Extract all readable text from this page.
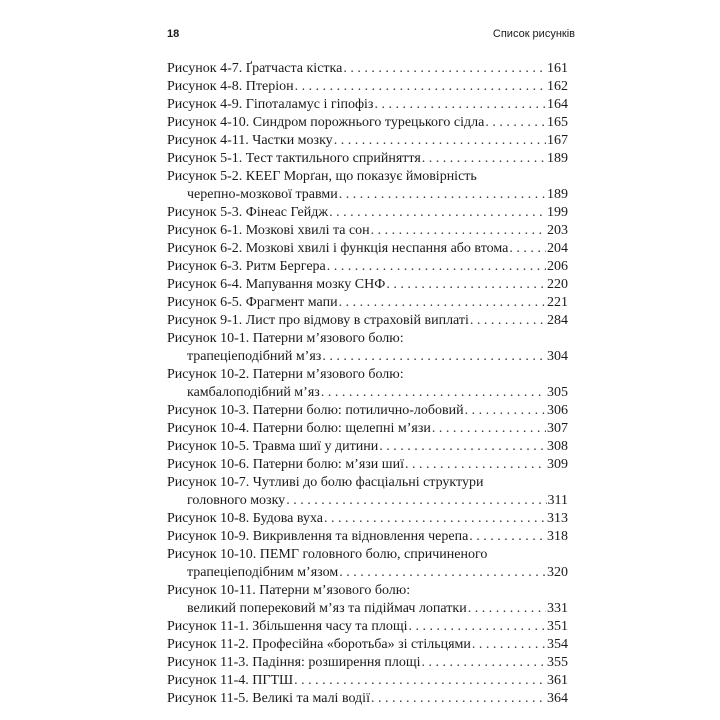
18	Список рисунків
Рисунок 4-7. Ґратчаста кістка . . .	161
Рисунок 4-8. Птеріон . . .	162
Рисунок 4-9. Гіпоталамус і гіпофіз . . .	164
Рисунок 4-10. Синдром порожнього турецького сідла . . .	165
Рисунок 4-11. Частки мозку . . .	167
Рисунок 5-1. Тест тактильного сприйняття . . .	189
Рисунок 5-2. КЕЕГ Морґан, що показує ймовірність
черепно-мозкової травми . . .	189
Рисунок 5-3. Фінеас Гейдж . . .	199
Рисунок 6-1. Мозкові хвилі та сон . . .	203
Рисунок 6-2. Мозкові хвилі і функція неспання або втома . . .	204
Рисунок 6-3. Ритм Бергера . . .	206
Рисунок 6-4. Мапування мозку СНФ . . .	220
Рисунок 6-5. Фрагмент мапи . . .	221
Рисунок 9-1. Лист про відмову в страховій виплаті . . .	284
Рисунок 10-1. Патерни м’язового болю:
трапеціеподібний м’яз . . .	304
Рисунок 10-2. Патерни м’язового болю:
камбалоподібний м’яз . . .	305
Рисунок 10-3. Патерни болю: потилично-лобовий . . .	306
Рисунок 10-4. Патерни болю: щелепні м’язи . . .	307
Рисунок 10-5. Травма шиї у дитини . . .	308
Рисунок 10-6. Патерни болю: м’язи шиї . . .	309
Рисунок 10-7. Чутливі до болю фасціальні структури
головного мозку . . .	311
Рисунок 10-8. Будова вуха . . .	313
Рисунок 10-9. Викривлення та відновлення черепа . . .	318
Рисунок 10-10. ПЕМГ головного болю, спричиненого
трапеціеподібним м’язом . . .	320
Рисунок 10-11. Патерни м’язового болю:
великий поперековий м’яз та підіймач лопатки . . .	331
Рисунок 11-1. Збільшення часу та площі . . .	351
Рисунок 11-2. Професійна «боротьба» зі стільцями . . .	354
Рисунок 11-3. Падіння: розширення площі . . .	355
Рисунок 11-4. ПГТШ . . .	361
Рисунок 11-5. Великі та малі водії . . .	364
